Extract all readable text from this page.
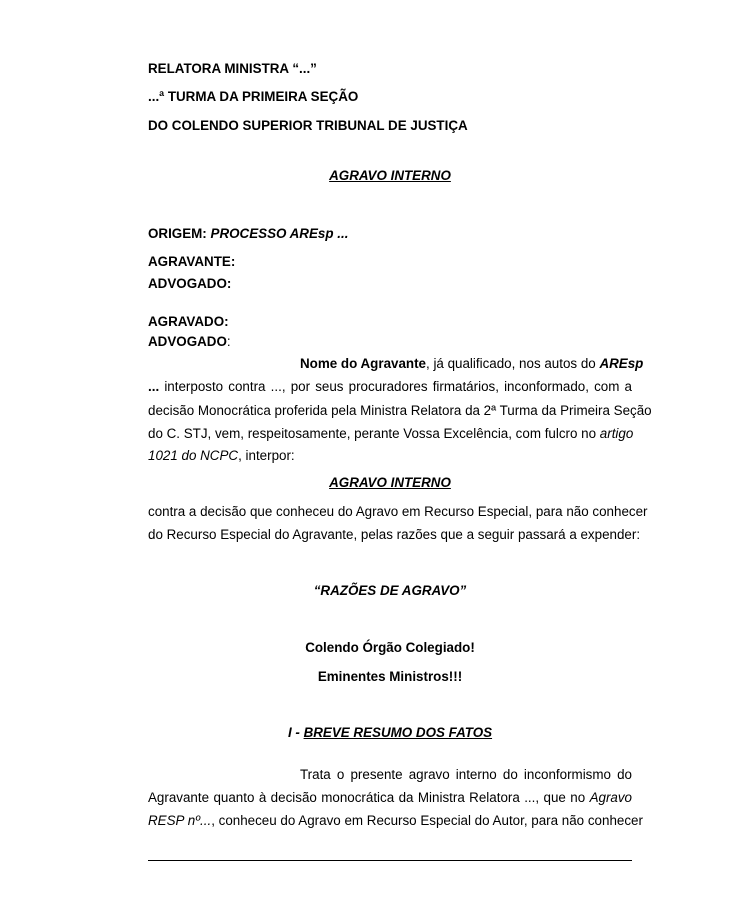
RELATORA MINISTRA “...”
...ª TURMA DA PRIMEIRA SEÇÃO
DO COLENDO SUPERIOR TRIBUNAL DE JUSTIÇA
AGRAVO INTERNO
ORIGEM: PROCESSO AREsp ...
AGRAVANTE:
ADVOGADO:
AGRAVADO:
ADVOGADO:
Nome do Agravante, já qualificado, nos autos do AREsp
... interposto contra ..., por seus procuradores firmatários, inconformado, com a
decisão Monocrática proferida pela Ministra Relatora da 2ª Turma da Primeira Seção
do C. STJ, vem, respeitosamente, perante Vossa Excelência, com fulcro no artigo
1021 do NCPC, interpor:
AGRAVO INTERNO
contra a decisão que conheceu do Agravo em Recurso Especial, para não conhecer
do Recurso Especial do Agravante, pelas razões que a seguir passará a expender:
“RAZÕES DE AGRAVO”
Colendo Órgão Colegiado!
Eminentes Ministros!!!
I - BREVE RESUMO DOS FATOS
Trata o presente agravo interno do inconformismo do
Agravante quanto à decisão monocrática da Ministra Relatora ..., que no Agravo
RESP nº..., conheceu do Agravo em Recurso Especial do Autor, para não conhecer
